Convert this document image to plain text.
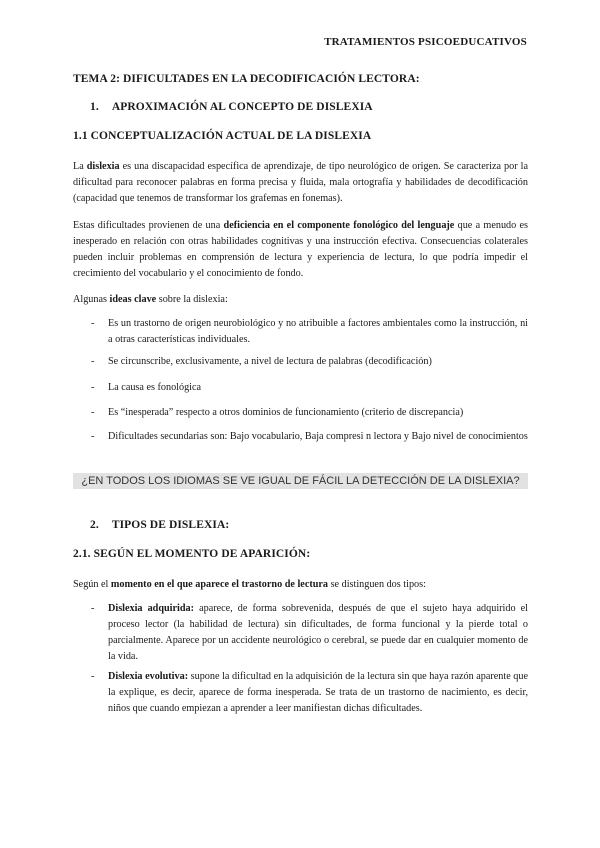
TRATAMIENTOS PSICOEDUCATIVOS
TEMA 2: DIFICULTADES EN LA DECODIFICACIÓN LECTORA:
1. APROXIMACIÓN AL CONCEPTO DE DISLEXIA
1.1 CONCEPTUALIZACIÓN ACTUAL DE LA DISLEXIA
La dislexia es una discapacidad específica de aprendizaje, de tipo neurológico de origen. Se caracteriza por la dificultad para reconocer palabras en forma precisa y fluida, mala ortografía y habilidades de decodificación (capacidad que tenemos de transformar los grafemas en fonemas).
Estas dificultades provienen de una deficiencia en el componente fonológico del lenguaje que a menudo es inesperado en relación con otras habilidades cognitivas y una instrucción efectiva. Consecuencias colaterales pueden incluir problemas en comprensión de lectura y experiencia de lectura, lo que podría impedir el crecimiento del vocabulario y el conocimiento de fondo.
Algunas ideas clave sobre la dislexia:
- Es un trastorno de origen neurobiológico y no atribuible a factores ambientales como la instrucción, ni a otras características individuales.
- Se circunscribe, exclusivamente, a nivel de lectura de palabras (decodificación)
- La causa es fonológica
- Es “inesperada” respecto a otros dominios de funcionamiento (criterio de discrepancia)
- Dificultades secundarias son: Bajo vocabulario, Baja compresi n lectora y Bajo nivel de conocimientos
¿EN TODOS LOS IDIOMAS SE VE IGUAL DE FÁCIL LA DETECCIÓN DE LA DISLEXIA?
2. TIPOS DE DISLEXIA:
2.1. SEGÚN EL MOMENTO DE APARICIÓN:
Según el momento en el que aparece el trastorno de lectura se distinguen dos tipos:
- Dislexia adquirida: aparece, de forma sobrevenida, después de que el sujeto haya adquirido el proceso lector (la habilidad de lectura) sin dificultades, de forma funcional y la pierde total o parcialmente. Aparece por un accidente neurológico o cerebral, se puede dar en cualquier momento de la vida.
- Dislexia evolutiva: supone la dificultad en la adquisición de la lectura sin que haya razón aparente que la explique, es decir, aparece de forma inesperada. Se trata de un trastorno de nacimiento, es decir, niños que cuando empiezan a aprender a leer manifiestan dichas dificultades.
